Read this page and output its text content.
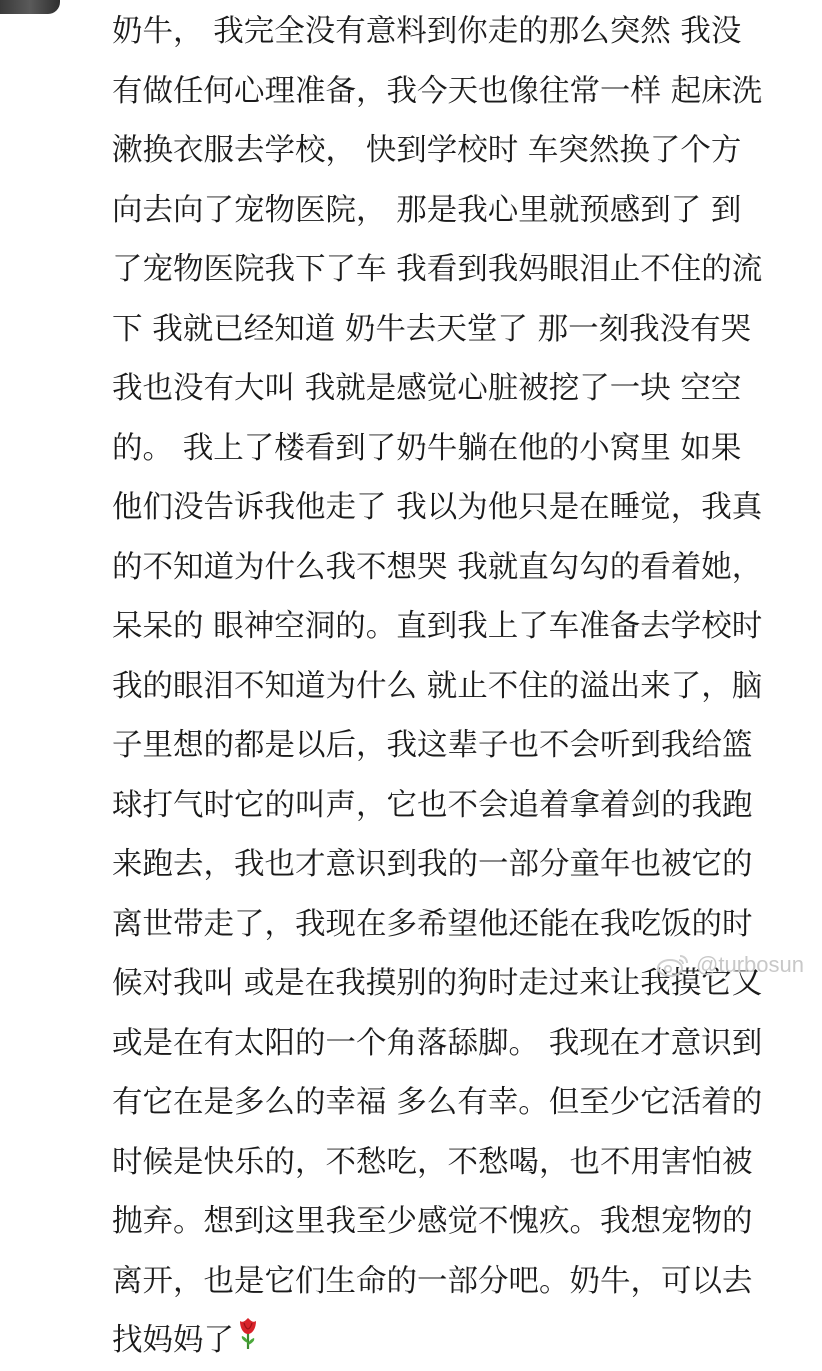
奶牛， 我完全没有意料到你走的那么突然 我没
有做任何心理准备，我今天也像往常一样 起床洗
漱换衣服去学校， 快到学校时 车突然换了个方
向去向了宠物医院， 那是我心里就预感到了 到
了宠物医院我下了车 我看到我妈眼泪止不住的流
下 我就已经知道 奶牛去天堂了 那一刻我没有哭
我也没有大叫 我就是感觉心脏被挖了一块 空空
的。 我上了楼看到了奶牛躺在他的小窝里 如果
他们没告诉我他走了 我以为他只是在睡觉，我真
的不知道为什么我不想哭 我就直勾勾的看着她，
呆呆的 眼神空洞的。直到我上了车准备去学校时
我的眼泪不知道为什么 就止不住的溢出来了，脑
子里想的都是以后，我这辈子也不会听到我给篮
球打气时它的叫声，它也不会追着拿着剑的我跑
来跑去，我也才意识到我的一部分童年也被它的
离世带走了，我现在多希望他还能在我吃饭的时
候对我叫 或是在我摸别的狗时走过来让我摸它又
或是在有太阳的一个角落舔脚。 我现在才意识到
有它在是多么的幸福 多么有幸。但至少它活着的
时候是快乐的，不愁吃，不愁喝，也不用害怕被
抛弃。想到这里我至少感觉不愧疚。我想宠物的
离开，也是它们生命的一部分吧。奶牛，可以去
找妈妈了
@turbosun
